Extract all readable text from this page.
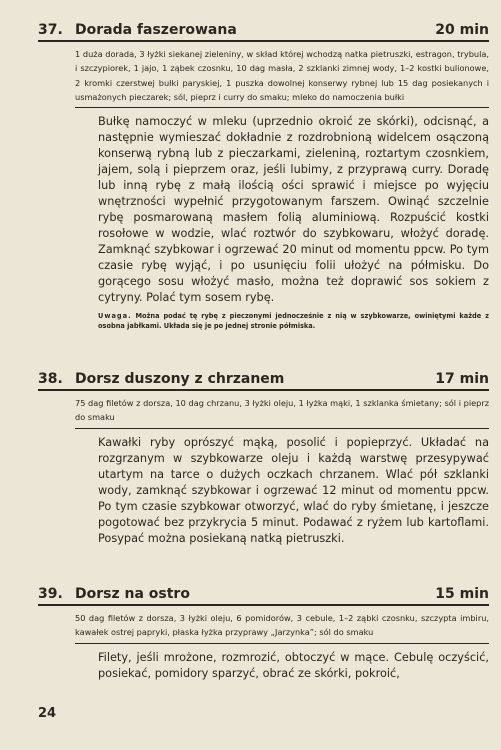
37. Dorada faszerowana	20 min
1 duża dorada, 3 łyżki siekanej zieleniny, w skład której wchodzą natka pietruszki, estragon, trybula, i szczypiorek, 1 jajo, 1 ząbek czosnku, 10 dag masła, 2 szklanki zimnej wody, 1–2 kostki bulionowe, 2 kromki czerstwej bułki paryskiej, 1 puszka dowolnej konserwy rybnej lub 15 dag posiekanych i usmażonych pieczarek; sól, pieprz i curry do smaku; mleko do namoczenia bułki
Bułkę namoczyć w mleku (uprzednio okroić ze skórki), odcisnąć, a następnie wymieszać dokładnie z rozdrobnioną widelcem osączoną konserwą rybną lub z pieczarkami, zieleniną, roztartym czosnkiem, jajem, solą i pieprzem oraz, jeśli lubimy, z przyprawą curry. Doradę lub inną rybę z małą ilością ości sprawić i miejsce po wyjęciu wnętrzności wypełnić przygotowanym farszem. Owinąć szczelnie rybę posmarowaną masłem folią aluminiową. Rozpuścić kostki rosołowe w wodzie, wlać roztwór do szybkowaru, włożyć doradę. Zamknąć szybkowar i ogrzewać 20 minut od momentu ppcw. Po tym czasie rybę wyjąć, i po usunięciu folii ułożyć na półmisku. Do gorącego sosu włożyć masło, można też doprawić sos sokiem z cytryny. Polać tym sosem rybę.
Uwaga. Można podać tę rybę z pieczonymi jednocześnie z nią w szybkowarze, owiniętymi każde z osobna jabłkami. Układa się je po jednej stronie półmiska.
38. Dorsz duszony z chrzanem	17 min
75 dag filetów z dorsza, 10 dag chrzanu, 3 łyżki oleju, 1 łyżka mąki, 1 szklanka śmietany; sól i pieprz do smaku
Kawałki ryby oprószyć mąką, posolić i popieprzyć. Układać na rozgrzanym w szybkowarze oleju i każdą warstwę przesypywać utartym na tarce o dużych oczkach chrzanem. Wlać pół szklanki wody, zamknąć szybkowar i ogrzewać 12 minut od momentu ppcw. Po tym czasie szybkowar otworzyć, wlać do ryby śmietanę, i jeszcze pogotować bez przykrycia 5 minut. Podawać z ryżem lub kartoflami. Posypać można posiekaną natką pietruszki.
39. Dorsz na ostro	15 min
50 dag filetów z dorsza, 3 łyżki oleju, 6 pomidorów, 3 cebule, 1–2 ząbki czosnku, szczypta imbiru, kawałek ostrej papryki, płaska łyżka przyprawy „Jarzynka”; sól do smaku
Filety, jeśli mrożone, rozmrozić, obtoczyć w mące. Cebulę oczyścić, posiekać, pomidory sparzyć, obrać ze skórki, pokroić,
24
